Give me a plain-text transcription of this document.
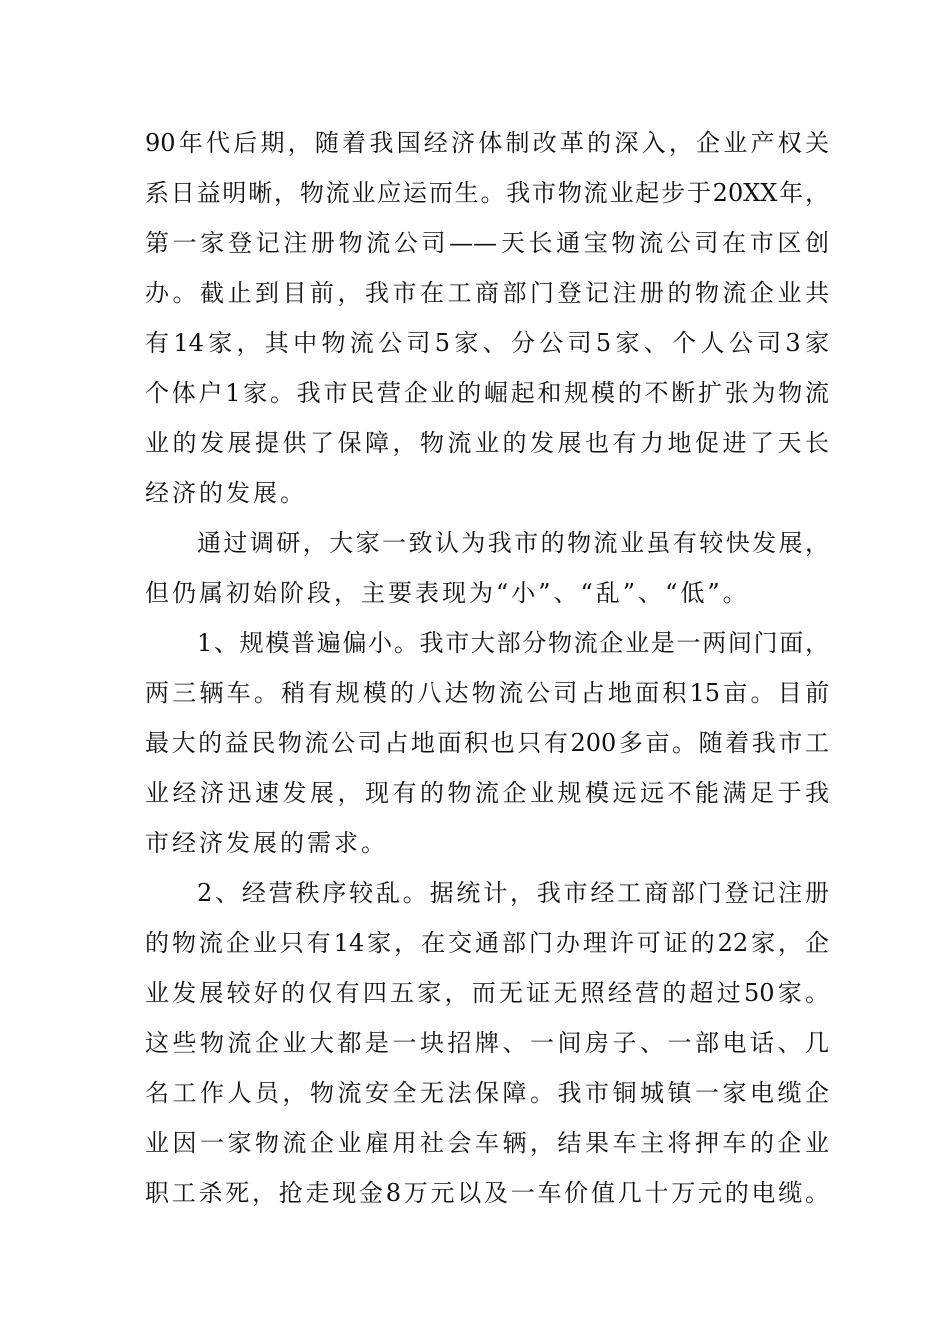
90年代后期，随着我国经济体制改革的深入，企业产权关
系日益明晰，物流业应运而生。我市物流业起步于20XX年，
第一家登记注册物流公司——天长通宝物流公司在市区创
办。截止到目前，我市在工商部门登记注册的物流企业共
有14家，其中物流公司5家、分公司5家、个人公司3家
个体户1家。我市民营企业的崛起和规模的不断扩张为物流
业的发展提供了保障，物流业的发展也有力地促进了天长
经济的发展。
通过调研，大家一致认为我市的物流业虽有较快发展，
但仍属初始阶段，主要表现为“小”、“乱”、“低”。
1、规模普遍偏小。我市大部分物流企业是一两间门面，
两三辆车。稍有规模的八达物流公司占地面积15亩。目前
最大的益民物流公司占地面积也只有200多亩。随着我市工
业经济迅速发展，现有的物流企业规模远远不能满足于我
市经济发展的需求。
2、经营秩序较乱。据统计，我市经工商部门登记注册
的物流企业只有14家，在交通部门办理许可证的22家，企
业发展较好的仅有四五家，而无证无照经营的超过50家。
这些物流企业大都是一块招牌、一间房子、一部电话、几
名工作人员，物流安全无法保障。我市铜城镇一家电缆企
业因一家物流企业雇用社会车辆，结果车主将押车的企业
职工杀死，抢走现金8万元以及一车价值几十万元的电缆。
